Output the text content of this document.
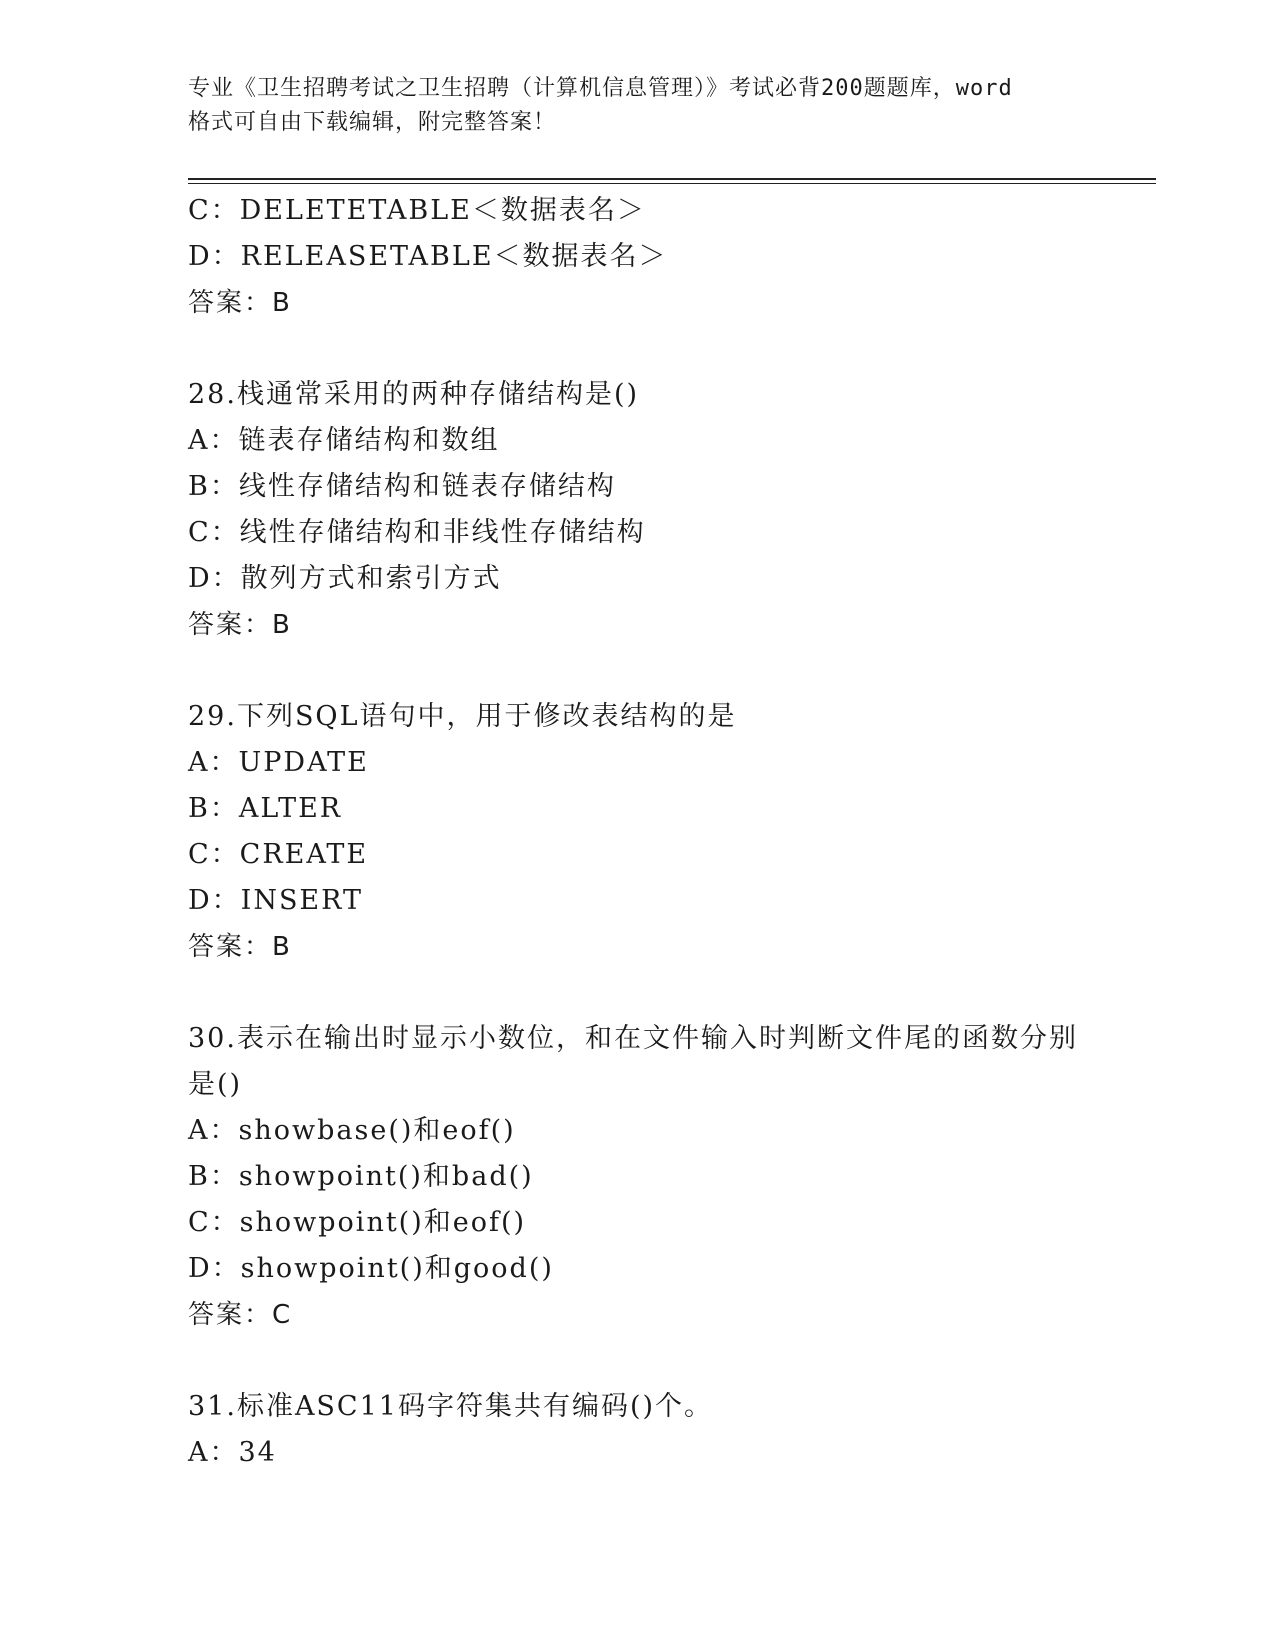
专业《卫生招聘考试之卫生招聘（计算机信息管理）》考试必背200题题库，word
格式可自由下载编辑，附完整答案！
C：DELETETABLE＜数据表名＞
D：RELEASETABLE＜数据表名＞
答案：B
28.栈通常采用的两种存储结构是()
A：链表存储结构和数组
B：线性存储结构和链表存储结构
C：线性存储结构和非线性存储结构
D：散列方式和索引方式
答案：B
29.下列SQL语句中，用于修改表结构的是
A：UPDATE
B：ALTER
C：CREATE
D：INSERT
答案：B
30.表示在输出时显示小数位，和在文件输入时判断文件尾的函数分别
是()
A：showbase()和eof()
B：showpoint()和bad()
C：showpoint()和eof()
D：showpoint()和good()
答案：C
31.标准ASC11码字符集共有编码()个。
A：34
